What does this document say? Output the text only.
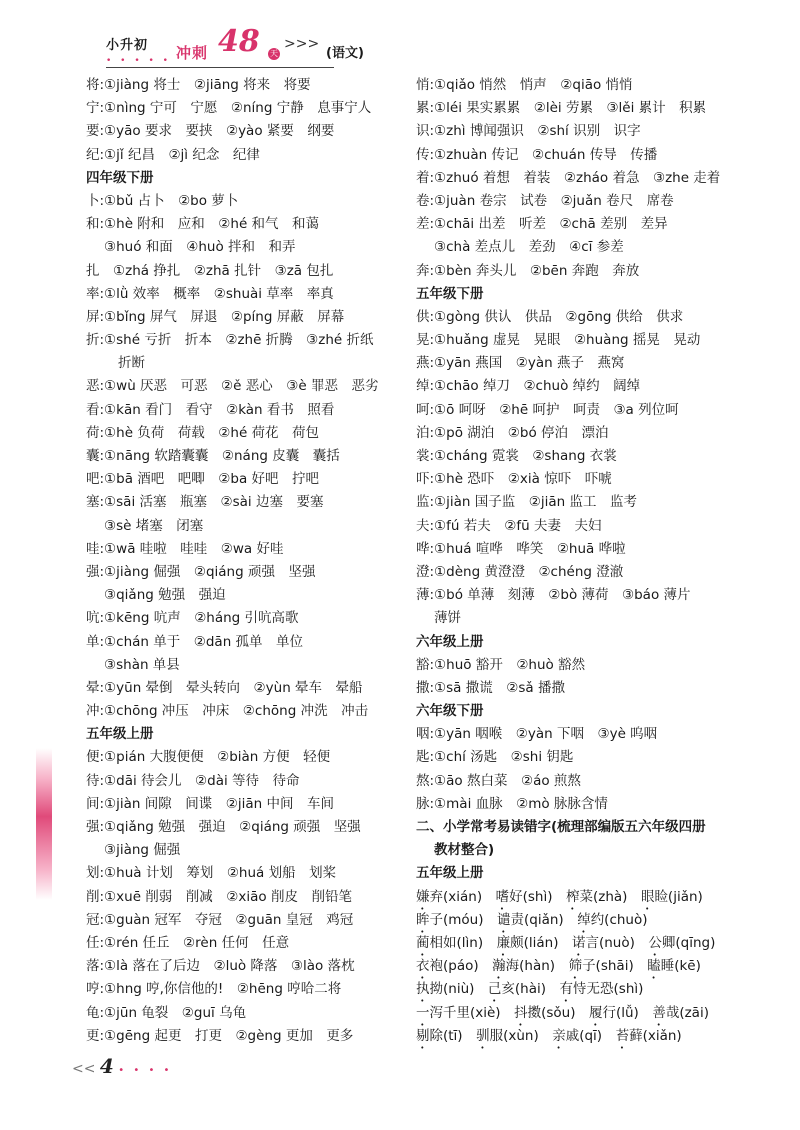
小升初 冲刺 48 天
>>>
(语文)
• • • • •
将:①jiàng 将士　②jiāng 将来　将要
宁:①nìng 宁可　宁愿　②níng 宁静　息事宁人
要:①yāo 要求　要挟　②yào 紧要　纲要
纪:①jǐ 纪昌　②jì 纪念　纪律
四年级下册
卜:①bǔ 占卜　②bo 萝卜
和:①hè 附和　应和　②hé 和气　和蔼
③huó 和面　④huò 拌和　和弄
扎　①zhá 挣扎　②zhā 扎针　③zā 包扎
率:①lǜ 效率　概率　②shuài 草率　率真
屏:①bǐng 屏气　屏退　②píng 屏蔽　屏幕
折:①shé 亏折　折本　②zhē 折腾　③zhé 折纸
折断
恶:①wù 厌恶　可恶　②ě 恶心　③è 罪恶　恶劣
看:①kān 看门　看守　②kàn 看书　照看
荷:①hè 负荷　荷载　②hé 荷花　荷包
囊:①nāng 软踏囊囊　②náng 皮囊　囊括
吧:①bā 酒吧　吧唧　②ba 好吧　拧吧
塞:①sāi 活塞　瓶塞　②sài 边塞　要塞
③sè 堵塞　闭塞
哇:①wā 哇啦　哇哇　②wa 好哇
强:①jiàng 倔强　②qiáng 顽强　坚强
③qiǎng 勉强　强迫
吭:①kēng 吭声　②háng 引吭高歌
单:①chán 单于　②dān 孤单　单位
③shàn 单县
晕:①yūn 晕倒　晕头转向　②yùn 晕车　晕船
冲:①chōng 冲压　冲床　②chōng 冲洗　冲击
五年级上册
便:①pián 大腹便便　②biàn 方便　轻便
待:①dāi 待会儿　②dài 等待　待命
间:①jiàn 间隙　间谍　②jiān 中间　车间
强:①qiǎng 勉强　强迫　②qiáng 顽强　坚强
③jiàng 倔强
划:①huà 计划　筹划　②huá 划船　划桨
削:①xuē 削弱　削减　②xiāo 削皮　削铅笔
冠:①guàn 冠军　夺冠　②guān 皇冠　鸡冠
任:①rén 任丘　②rèn 任何　任意
落:①là 落在了后边　②luò 降落　③lào 落枕
哼:①hng 哼,你信他的!　②hēng 哼哈二将
龟:①jūn 龟裂　②guī 乌龟
更:①gēng 起更　打更　②gèng 更加　更多
悄:①qiǎo 悄然　悄声　②qiāo 悄悄
累:①léi 果实累累　②lèi 劳累　③lěi 累计　积累
识:①zhì 博闻强识　②shí 识别　识字
传:①zhuàn 传记　②chuán 传导　传播
着:①zhuó 着想　着装　②zháo 着急　③zhe 走着
卷:①juàn 卷宗　试卷　②juǎn 卷尺　席卷
差:①chāi 出差　听差　②chā 差别　差异
③chà 差点儿　差劲　④cī 参差
奔:①bèn 奔头儿　②bēn 奔跑　奔放
五年级下册
供:①gòng 供认　供品　②gōng 供给　供求
晃:①huǎng 虚晃　晃眼　②huàng 摇晃　晃动
燕:①yān 燕国　②yàn 燕子　燕窝
绰:①chāo 绰刀　②chuò 绰约　阔绰
呵:①ō 呵呀　②hē 呵护　呵责　③a 列位呵
泊:①pō 湖泊　②bó 停泊　漂泊
裳:①cháng 霓裳　②shang 衣裳
吓:①hè 恐吓　②xià 惊吓　吓唬
监:①jiàn 国子监　②jiān 监工　监考
夫:①fú 若夫　②fū 夫妻　夫妇
哗:①huá 喧哗　哗笑　②huā 哗啦
澄:①dèng 黄澄澄　②chéng 澄澈
薄:①bó 单薄　刻薄　②bò 薄荷　③báo 薄片
薄饼
六年级上册
豁:①huō 豁开　②huò 豁然
撒:①sā 撒谎　②sǎ 播撒
六年级下册
咽:①yān 咽喉　②yàn 下咽　③yè 呜咽
匙:①chí 汤匙　②shi 钥匙
熬:①āo 熬白菜　②áo 煎熬
脉:①mài 血脉　②mò 脉脉含情
二、小学常考易读错字(梳理部编版五六年级四册
教材整合)
五年级上册
嫌弃(xián)　 嗜好(shì)　 榨菜(zhà)　 眼睑(jiǎn)
眸子(móu)　 谴责(qiǎn)　 绰约(chuò)
蔺相如(lìn)　 廉颇(lián)　 诺言(nuò)　 公卿(qīng)
衣袍(páo)　 瀚海(hàn)　 筛子(shāi)　 瞌睡(kē)
执拗(niù)　 己亥(hài)　 有恃无恐(shì)
一泻千里(xiè)　 抖擞(sǒu)　 履行(lǚ)　 善哉(zāi)
剔除(tī)　 驯服(xùn)　 亲戚(qī)　 苔藓(xiǎn)
<< 4 • • • •
